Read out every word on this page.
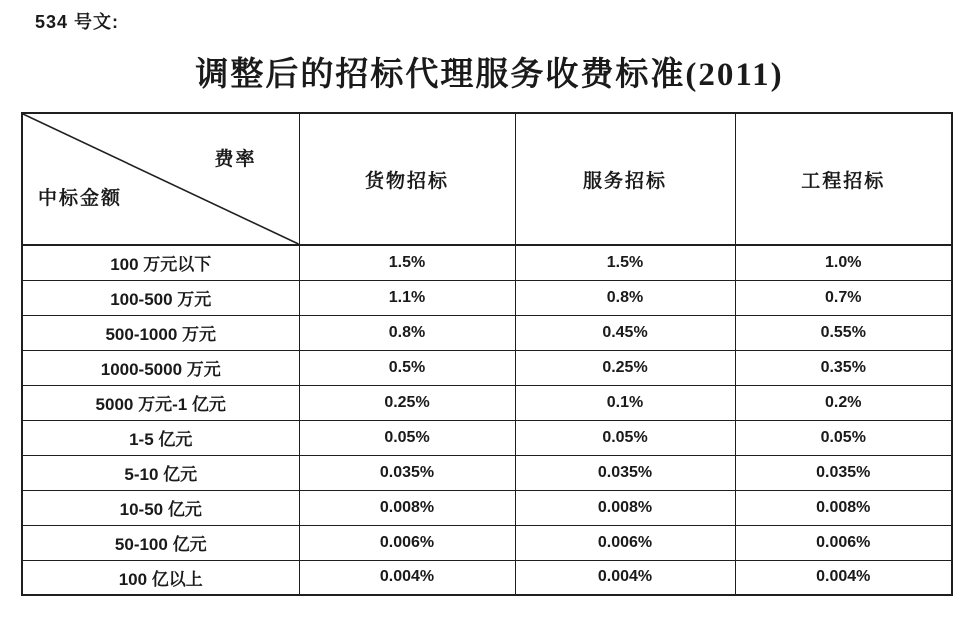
534 号文:
调整后的招标代理服务收费标准(2011)
费率
中标金额	货物招标	服务招标	工程招标
100 万元以下	1.5%	1.5%	1.0%
100-500 万元	1.1%	0.8%	0.7%
500-1000 万元	0.8%	0.45%	0.55%
1000-5000 万元	0.5%	0.25%	0.35%
5000 万元-1 亿元	0.25%	0.1%	0.2%
1-5 亿元	0.05%	0.05%	0.05%
5-10 亿元	0.035%	0.035%	0.035%
10-50 亿元	0.008%	0.008%	0.008%
50-100 亿元	0.006%	0.006%	0.006%
100 亿以上	0.004%	0.004%	0.004%
